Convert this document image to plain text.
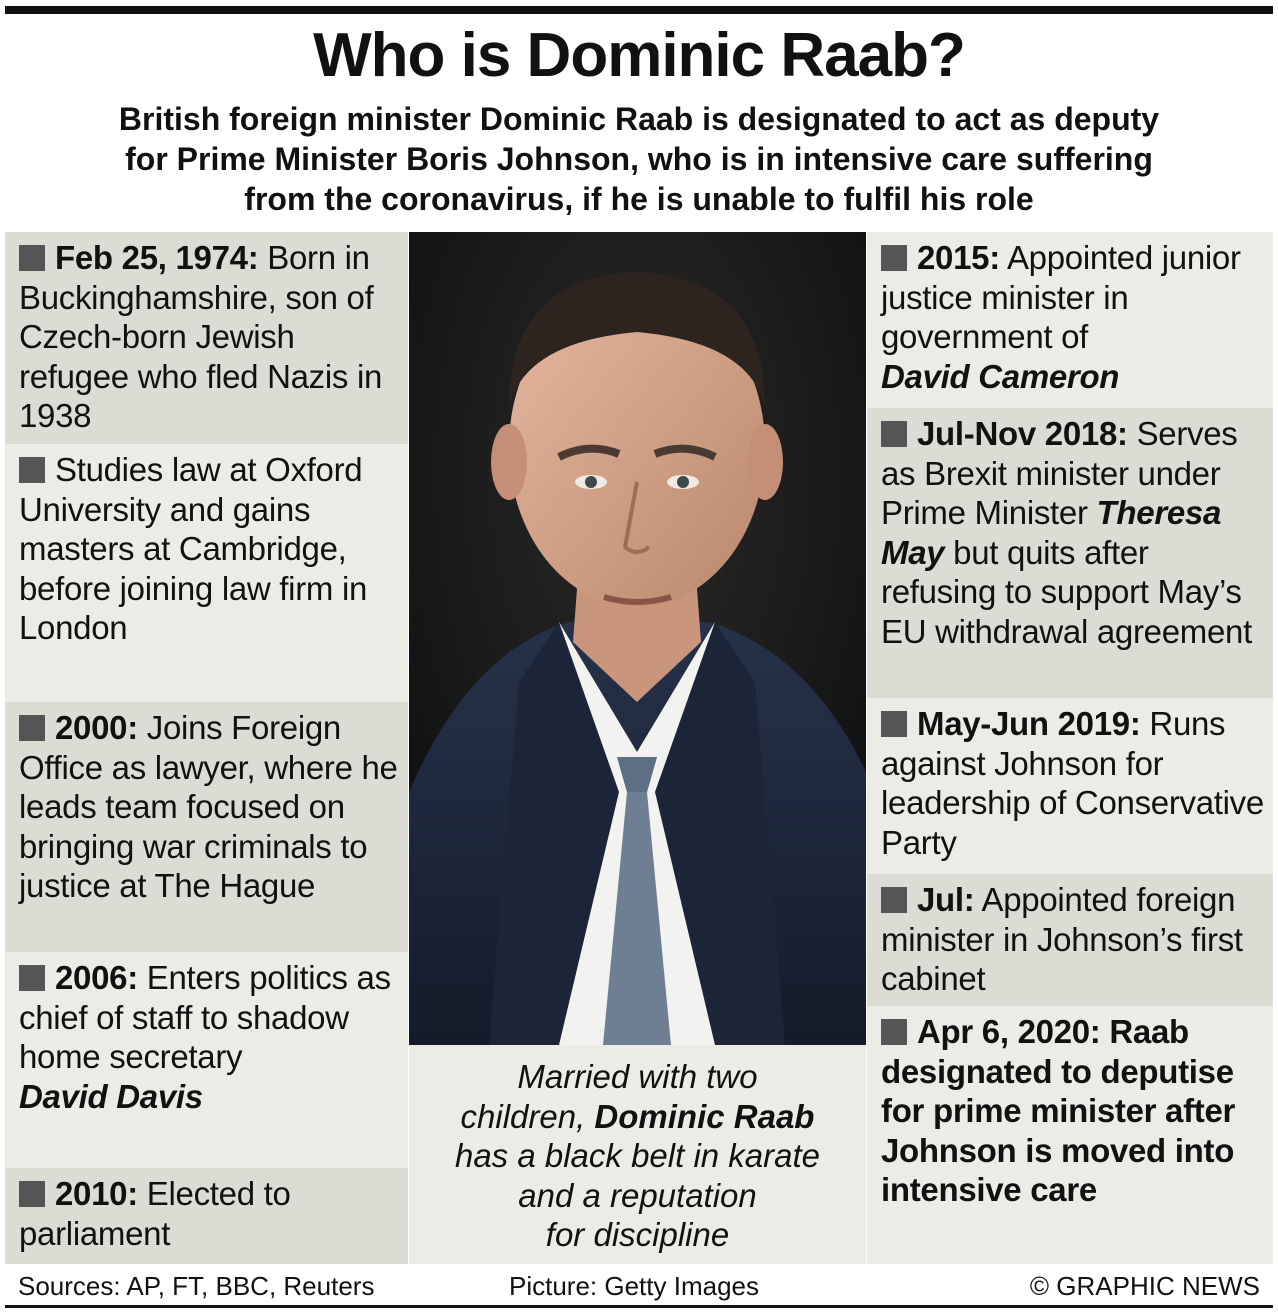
Who is Dominic Raab?
British foreign minister Dominic Raab is designated to act as deputy
for Prime Minister Boris Johnson, who is in intensive care suffering
from the coronavirus, if he is unable to fulfil his role
Feb 25, 1974: Born in Buckinghamshire, son of Czech-born Jewish refugee who fled Nazis in 1938
Studies law at Oxford University and gains masters at Cambridge, before joining law firm in London
2000: Joins Foreign Office as lawyer, where he leads team focused on bringing war criminals to justice at The Hague
2006: Enters politics as chief of staff to shadow home secretary
David Davis
2010: Elected to parliament
Married with two
children, Dominic Raab
has a black belt in karate
and a reputation
for discipline
2015: Appointed junior justice minister in government of
David Cameron
Jul-Nov 2018: Serves as Brexit minister under Prime Minister Theresa May but quits after refusing to support May’s EU withdrawal agreement
May-Jun 2019: Runs against Johnson for leadership of Conservative Party
Jul: Appointed foreign minister in Johnson’s first cabinet
Apr 6, 2020: Raab designated to deputise for prime minister after Johnson is moved into intensive care
Sources: AP, FT, BBC, Reuters	Picture: Getty Images	© GRAPHIC NEWS
